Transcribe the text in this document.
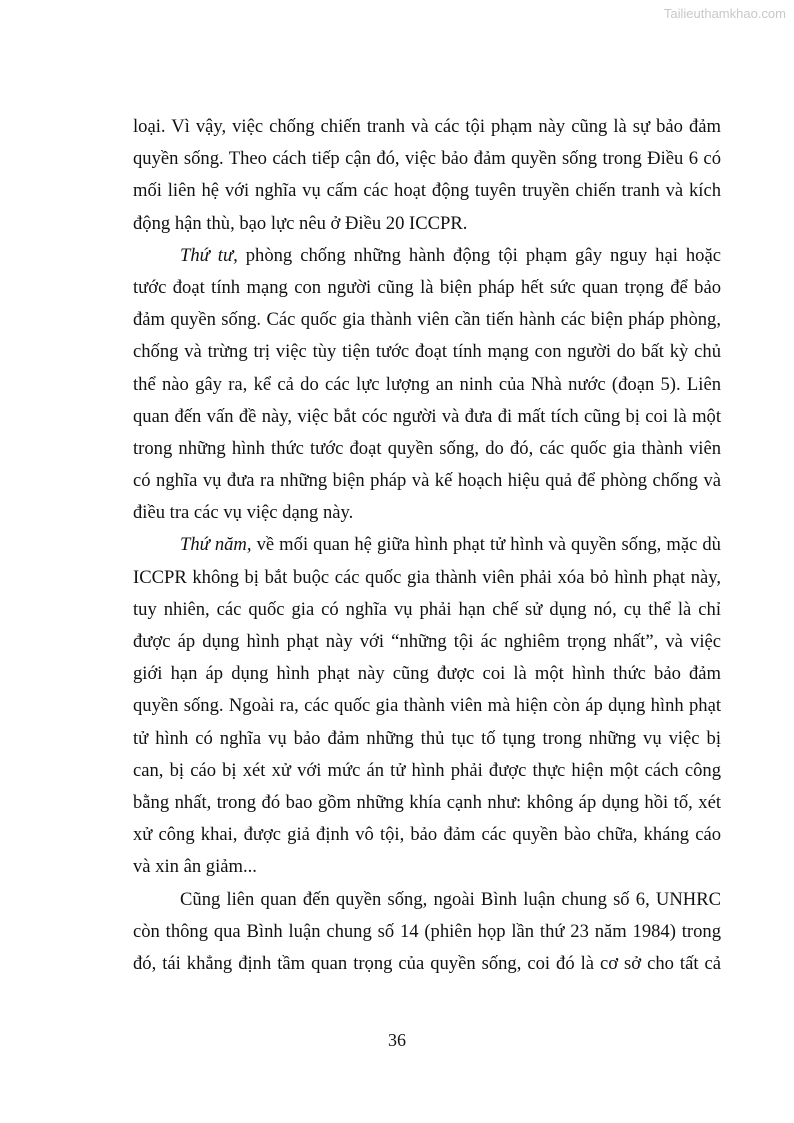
Tailieuthamkhao.com
loại. Vì vậy, việc chống chiến tranh và các tội phạm này cũng là sự bảo đảm
quyền sống. Theo cách tiếp cận đó, việc bảo đảm quyền sống trong Điều 6 có
mối liên hệ với nghĩa vụ cấm các hoạt động tuyên truyền chiến tranh và kích
động hận thù, bạo lực nêu ở Điều 20 ICCPR.
Thứ tư, phòng chống những hành động tội phạm gây nguy hại hoặc
tước đoạt tính mạng con người cũng là biện pháp hết sức quan trọng để bảo
đảm quyền sống. Các quốc gia thành viên cần tiến hành các biện pháp phòng,
chống và trừng trị việc tùy tiện tước đoạt tính mạng con người do bất kỳ chủ
thể nào gây ra, kể cả do các lực lượng an ninh của Nhà nước (đoạn 5). Liên
quan đến vấn đề này, việc bắt cóc người và đưa đi mất tích cũng bị coi là một
trong những hình thức tước đoạt quyền sống, do đó, các quốc gia thành viên
có nghĩa vụ đưa ra những biện pháp và kế hoạch hiệu quả để phòng chống và
điều tra các vụ việc dạng này.
Thứ năm, về mối quan hệ giữa hình phạt tử hình và quyền sống, mặc dù
ICCPR không bị bắt buộc các quốc gia thành viên phải xóa bỏ hình phạt này,
tuy nhiên, các quốc gia có nghĩa vụ phải hạn chế sử dụng nó, cụ thể là chỉ
được áp dụng hình phạt này với “những tội ác nghiêm trọng nhất”, và việc
giới hạn áp dụng hình phạt này cũng được coi là một hình thức bảo đảm
quyền sống. Ngoài ra, các quốc gia thành viên mà hiện còn áp dụng hình phạt
tử hình có nghĩa vụ bảo đảm những thủ tục tố tụng trong những vụ việc bị
can, bị cáo bị xét xử với mức án tử hình phải được thực hiện một cách công
bằng nhất, trong đó bao gồm những khía cạnh như: không áp dụng hồi tố, xét
xử công khai, được giả định vô tội, bảo đảm các quyền bào chữa, kháng cáo
và xin ân giảm...
Cũng liên quan đến quyền sống, ngoài Bình luận chung số 6, UNHRC
còn thông qua Bình luận chung số 14 (phiên họp lần thứ 23 năm 1984) trong
đó, tái khẳng định tầm quan trọng của quyền sống, coi đó là cơ sở cho tất cả
36
